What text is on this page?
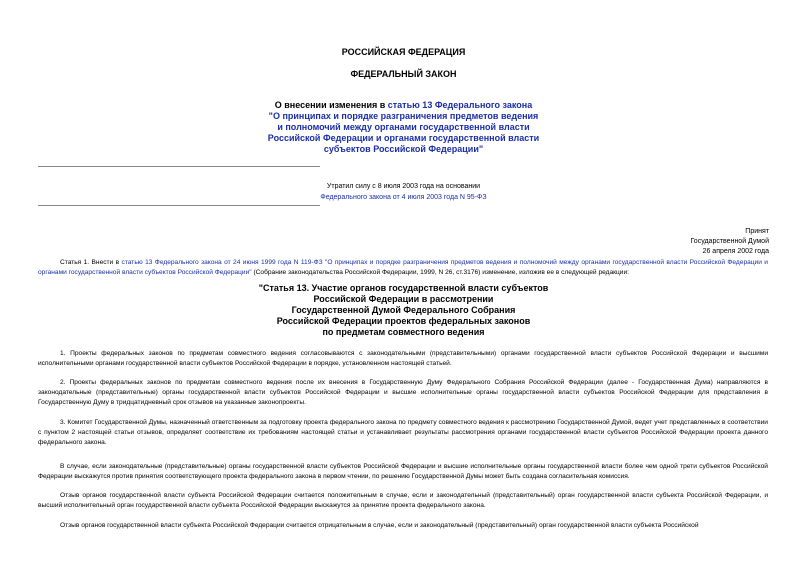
РОССИЙСКАЯ ФЕДЕРАЦИЯ
ФЕДЕРАЛЬНЫЙ ЗАКОН
О внесении изменения в статью 13 Федерального закона
"О принципах и порядке разграничения предметов ведения
и полномочий между органами государственной власти
Российской Федерации и органами государственной власти
субъектов Российской Федерации"
Утратил силу с 8 июля 2003 года на основании
Федерального закона от 4 июля 2003 года N 95-ФЗ
Принят
Государственной Думой
26 апреля 2002 года
Статья 1. Внести в статью 13 Федерального закона от 24 июня 1999 года N 119-ФЗ "О принципах и порядке разграничения предметов ведения и полномочий между органами государственной власти Российской Федерации и органами государственной власти субъектов Российской Федерации" (Собрание законодательства Российской Федерации, 1999, N 26, ст.3176) изменение, изложив ее в следующей редакции:
"Статья 13. Участие органов государственной власти субъектов
Российской Федерации в рассмотрении
Государственной Думой Федерального Собрания
Российской Федерации проектов федеральных законов
по предметам совместного ведения
1. Проекты федеральных законов по предметам совместного ведения согласовываются с законодательными (представительными) органами государственной власти субъектов Российской Федерации и высшими исполнительными органами государственной власти субъектов Российской Федерации в порядке, установленном настоящей статьей.
2. Проекты федеральных законов по предметам совместного ведения после их внесения в Государственную Думу Федерального Собрания Российской Федерации (далее - Государственная Дума) направляются в законодательные (представительные) органы государственной власти субъектов Российской Федерации и высшие исполнительные органы государственной власти субъектов Российской Федерации для представления в Государственную Думу в тридцатидневный срок отзывов на указанные законопроекты.
3. Комитет Государственной Думы, назначенный ответственным за подготовку проекта федерального закона по предмету совместного ведения к рассмотрению Государственной Думой, ведет учет представленных в соответствии с пунктом 2 настоящей статьи отзывов, определяет соответствие их требованиям настоящей статьи и устанавливает результаты рассмотрения органами государственной власти субъектов Российской Федерации проекта данного федерального закона.
В случае, если законодательные (представительные) органы государственной власти субъектов Российской Федерации и высшие исполнительные органы государственной власти более чем одной трети субъектов Российской Федерации выскажутся против принятия соответствующего проекта федерального закона в первом чтении, по решению Государственной Думы может быть создана согласительная комиссия.
Отзыв органов государственной власти субъекта Российской Федерации считается положительным в случае, если и законодательный (представительный) орган государственной власти субъекта Российской Федерации, и высший исполнительный орган государственной власти субъекта Российской Федерации выскажутся за принятие проекта федерального закона.
Отзыв органов государственной власти субъекта Российской Федерации считается отрицательным в случае, если и законодательный (представительный) орган государственной власти субъекта Российской
